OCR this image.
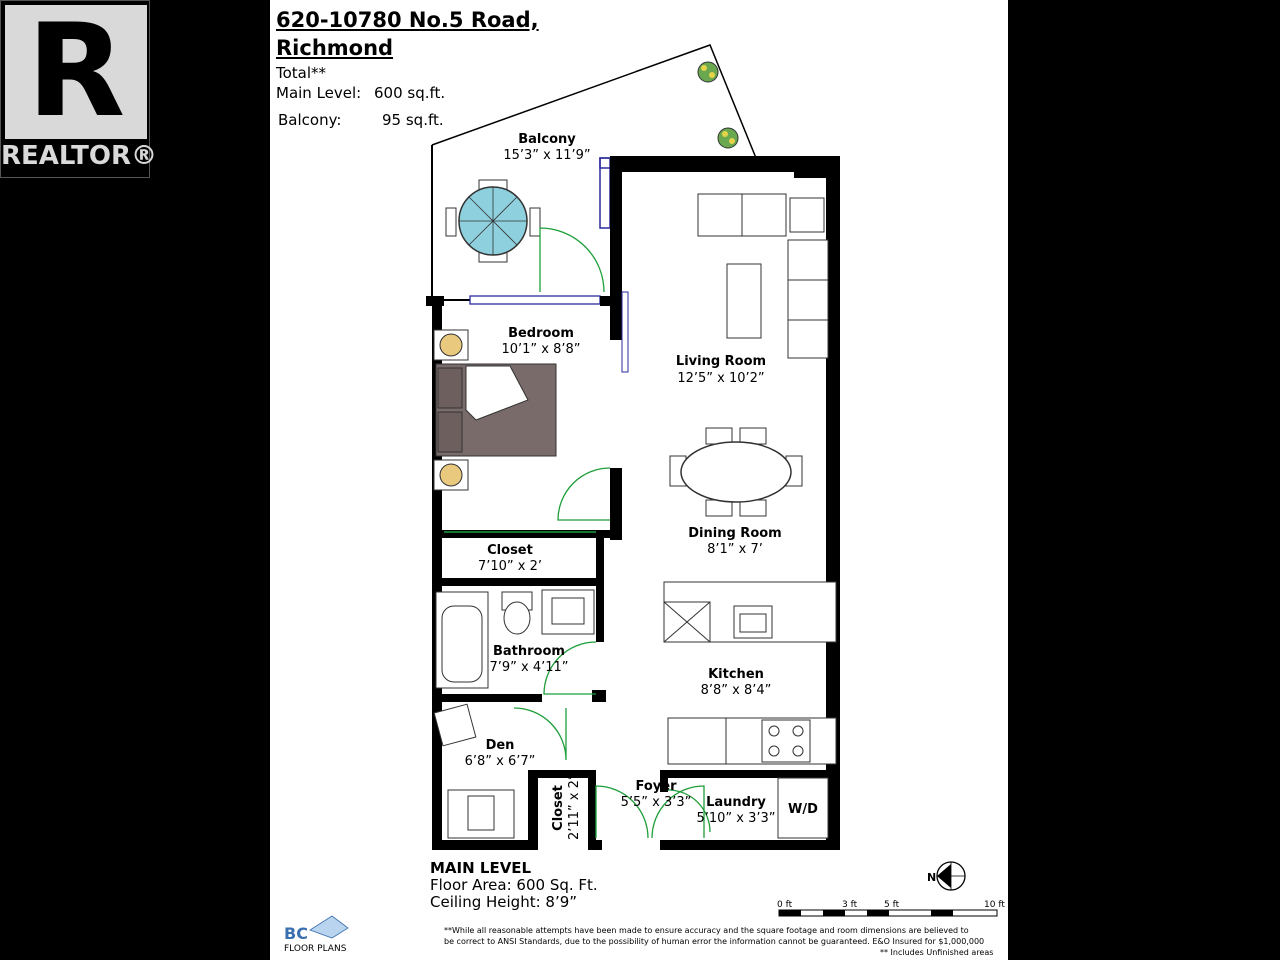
R
REALTOR®
620-10780 No.5 Road,
Richmond
Total**
Main Level: 600 sq.ft.
Balcony:	95 sq.ft.
Balcony
15’3” x 11’9”
Bedroom
10’1” x 8’8”
Living Room
12’5” x 10’2”
Dining Room
8’1” x 7’
Closet
7’10” x 2’
Bathroom
7’9” x 4’11”	Kitchen
8’8” x 8’4”
Den
6’8” x 6’7”
Foyer
5’5” x 3’3” Laundry
5’10” x 3’3”
W/D
Closet 2’11” x 2’
N
0 ft	3 ft	5 ft	10 ft
BC
FLOOR PLANS
MAIN LEVEL
Floor Area: 600 Sq. Ft.
Ceiling Height: 8’9”
**While all reasonable attempts have been made to ensure accuracy and the square footage and room dimensions are believed to
be correct to ANSI Standards, due to the possibility of human error the information cannot be guaranteed. E&O Insured for $1,000,000
** Includes Unfinished areas
